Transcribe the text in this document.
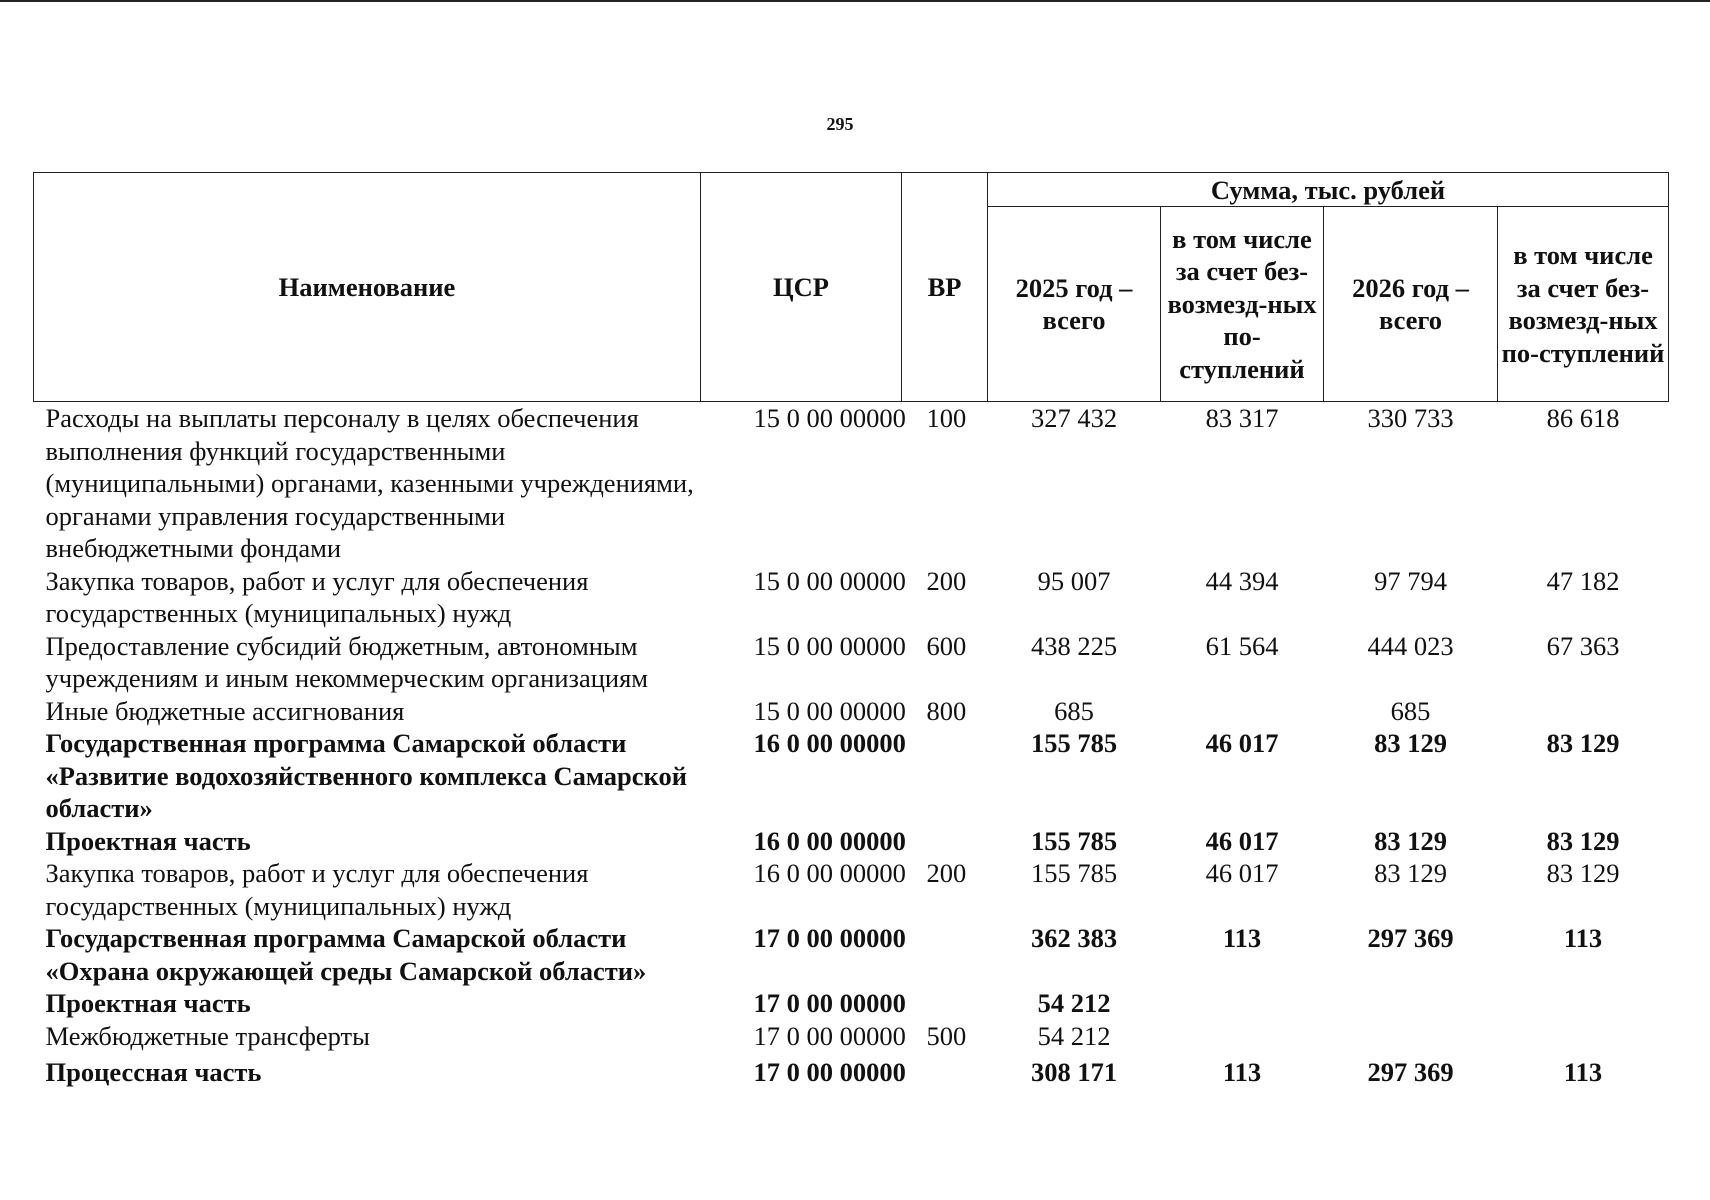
295
Наименование	ЦСР	ВР	Сумма, тыс. рублей			
			2025 год – всего	в том числе за счет без-возмезд-ных по-ступлений	2026 год – всего	в том числе за счет без-возмезд-ных по-ступлений
Расходы на выплаты персоналу в целях обеспечения выполнения функций государственными (муниципальными) органами, казенными учреждениями, органами управления государственными внебюджетными фондами	15 0 00 00000	100	327 432	83 317	330 733	86 618
Закупка товаров, работ и услуг для обеспечения государственных (муниципальных) нужд	15 0 00 00000	200	95 007	44 394	97 794	47 182
Предоставление субсидий бюджетным, автономным учреждениям и иным некоммерческим организациям	15 0 00 00000	600	438 225	61 564	444 023	67 363
Иные бюджетные ассигнования	15 0 00 00000	800	685		685	
Государственная программа Самарской области «Развитие водохозяйственного комплекса Самарской области»	16 0 00 00000		155 785	46 017	83 129	83 129
Проектная часть	16 0 00 00000		155 785	46 017	83 129	83 129
Закупка товаров, работ и услуг для обеспечения государственных (муниципальных) нужд	16 0 00 00000	200	155 785	46 017	83 129	83 129
Государственная программа Самарской области «Охрана окружающей среды Самарской области»	17 0 00 00000		362 383	113	297 369	113
Проектная часть	17 0 00 00000		54 212			
Межбюджетные трансферты	17 0 00 00000	500	54 212			
Процессная часть	17 0 00 00000		308 171	113	297 369	113
